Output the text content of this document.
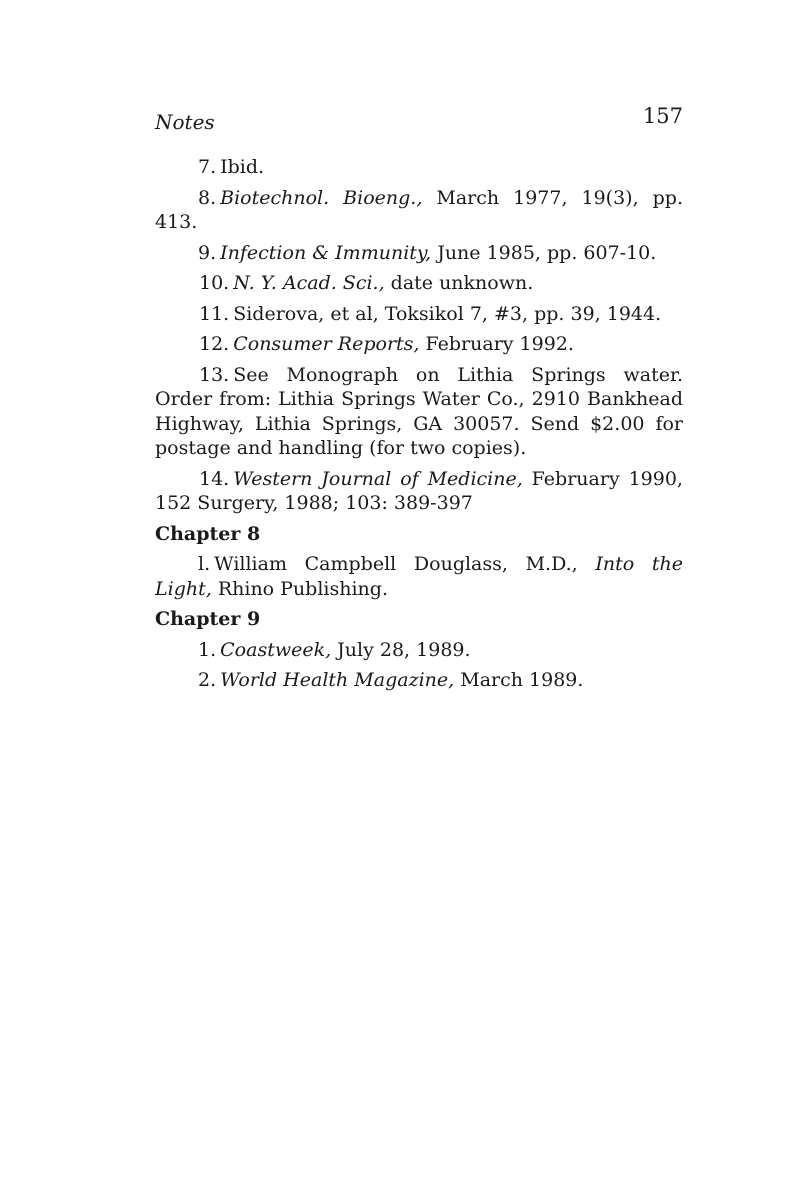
Notes	157

7. Ibid.

8. Biotechnol. Bioeng., March 1977, 19(3), pp. 413.

9. Infection & Immunity, June 1985, pp. 607-10.

10. N. Y. Acad. Sci., date unknown.

11. Siderova, et al, Toksikol 7, #3, pp. 39, 1944.

12. Consumer Reports, February 1992.

13. See Monograph on Lithia Springs water. Order from: Lithia Springs Water Co., 2910 Bankhead Highway, Lithia Springs, GA 30057. Send $2.00 for postage and handling (for two copies).

14. Western Journal of Medicine, February 1990, 152 Surgery, 1988; 103: 389-397

Chapter 8

l. William Campbell Douglass, M.D., Into the Light, Rhino Publishing.

Chapter 9

1. Coastweek, July 28, 1989.

2. World Health Magazine, March 1989.
